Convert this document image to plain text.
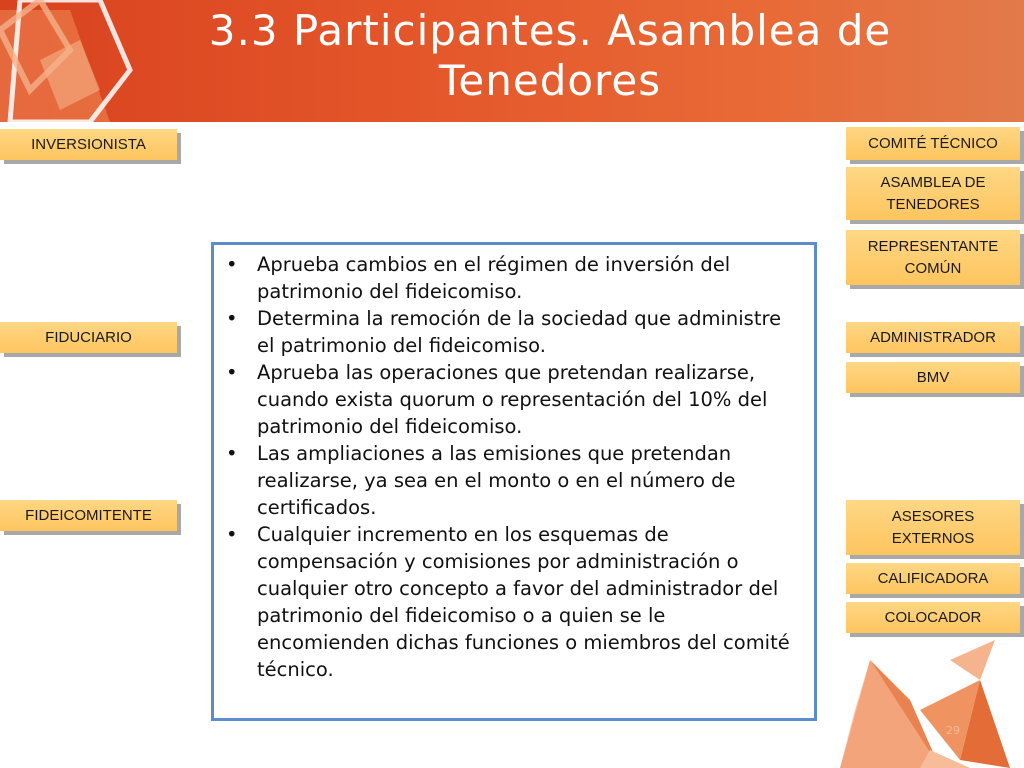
3.3 Participantes. Asamblea de Tenedores
INVERSIONISTA
FIDUCIARIO
FIDEICOMITENTE
COMITÉ TÉCNICO
ASAMBLEA DE TENEDORES
REPRESENTANTE COMÚN
ADMINISTRADOR
BMV
ASESORES EXTERNOS
CALIFICADORA
COLOCADOR
• Aprueba cambios en el régimen de inversión del patrimonio del fideicomiso.
• Determina la remoción de la sociedad que administre el patrimonio del fideicomiso.
• Aprueba las operaciones que pretendan realizarse, cuando exista quorum o representación del 10% del patrimonio del fideicomiso.
• Las ampliaciones a las emisiones que pretendan realizarse, ya sea en el monto o en el número de certificados.
• Cualquier incremento en los esquemas de compensación y comisiones por administración o cualquier otro concepto a favor del administrador del patrimonio del fideicomiso o a quien se le encomienden dichas funciones o miembros del comité técnico.
29
